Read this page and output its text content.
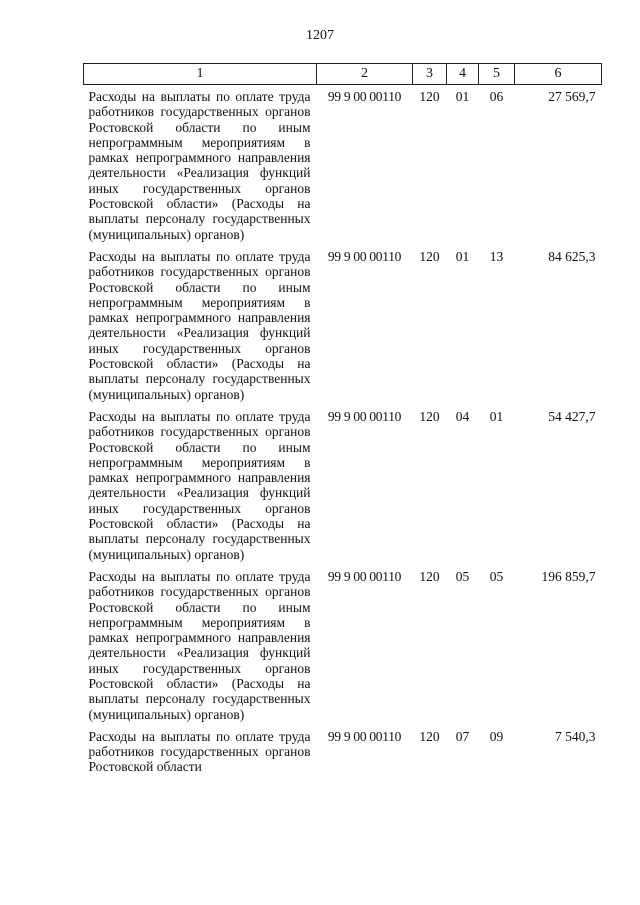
1207
1	2	3	4	5	6
Расходы на выплаты по оплате труда работников государственных органов Ростовской области по иным непрограммным мероприятиям в рамках непрограммного направления деятельности «Реализация функций иных государственных органов Ростовской области» (Расходы на выплаты персоналу государственных (муниципальных) органов)	99 9 00 00110	120	01	06	27 569,7
Расходы на выплаты по оплате труда работников государственных органов Ростовской области по иным непрограммным мероприятиям в рамках непрограммного направления деятельности «Реализация функций иных государственных органов Ростовской области» (Расходы на выплаты персоналу государственных (муниципальных) органов)	99 9 00 00110	120	01	13	84 625,3
Расходы на выплаты по оплате труда работников государственных органов Ростовской области по иным непрограммным мероприятиям в рамках непрограммного направления деятельности «Реализация функций иных государственных органов Ростовской области» (Расходы на выплаты персоналу государственных (муниципальных) органов)	99 9 00 00110	120	04	01	54 427,7
Расходы на выплаты по оплате труда работников государственных органов Ростовской области по иным непрограммным мероприятиям в рамках непрограммного направления деятельности «Реализация функций иных государственных органов Ростовской области» (Расходы на выплаты персоналу государственных (муниципальных) органов)	99 9 00 00110	120	05	05	196 859,7
Расходы на выплаты по оплате труда работников государственных органов Ростовской области	99 9 00 00110	120	07	09	7 540,3
